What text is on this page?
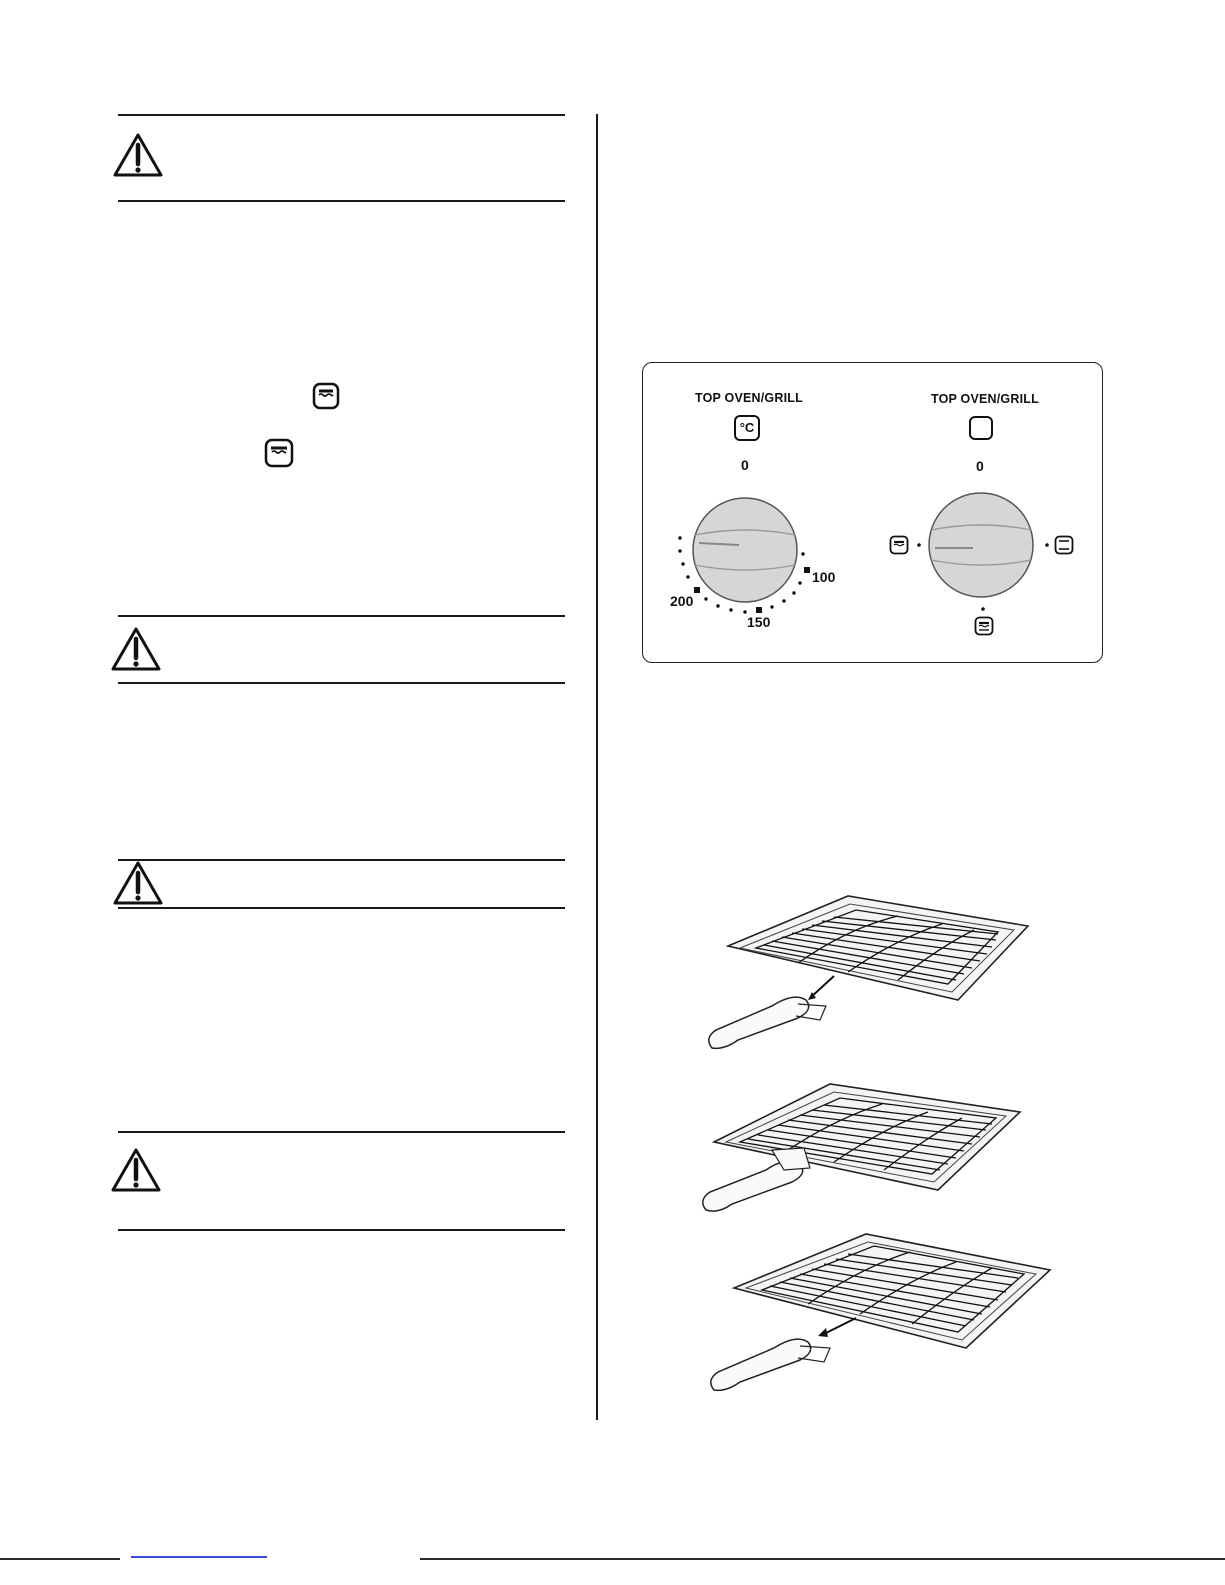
TOP OVEN/GRILL
°C
0
100
150
200
TOP OVEN/GRILL
0
